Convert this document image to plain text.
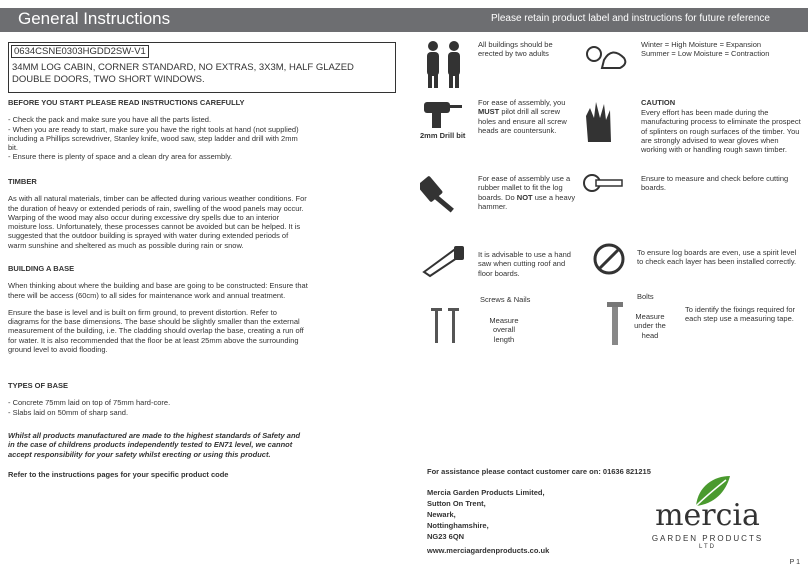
General Instructions	Please retain product label and instructions for future reference
0634CSNE0303HGDD2SW-V1
34MM LOG CABIN, CORNER STANDARD, NO EXTRAS, 3X3M, HALF GLAZED DOUBLE DOORS, TWO SHORT WINDOWS.

BEFORE YOU START PLEASE READ INSTRUCTIONS CAREFULLY

- Check the pack and make sure you have all the parts listed.

- When you are ready to start, make sure you have the right tools at hand (not supplied) including a Phillips screwdriver, Stanley knife, wood saw, step ladder and drill with 2mm bit.

- Ensure there is plenty of space and a clean dry area for assembly.

TIMBER

As with all natural materials, timber can be affected during various weather conditions. For the duration of heavy or extended periods of rain, swelling of the wood panels may occur. Warping of the wood may also occur during excessive dry spells due to an interior moisture loss. Unfortunately, these processes cannot be avoided but can be helped. It is suggested that the outdoor building is sprayed with water during extended periods of warm sunshine and sheltered as much as possible during rain or snow.

BUILDING A BASE

When thinking about where the building and base are going to be constructed: Ensure that there will be access (60cm) to all sides for maintenance work and annual treatment.

Ensure the base is level and is built on firm ground, to prevent distortion. Refer to diagrams for the base dimensions. The base should be slightly smaller than the external measurement of the building, i.e. The cladding should overlap the base, creating a run off for water. It is also recommended that the floor be at least 25mm above the surrounding ground level to avoid flooding.

TYPES OF BASE

- Concrete 75mm laid on top of 75mm hard-core.

- Slabs laid on 50mm of sharp sand.

Whilst all products manufactured are made to the highest standards of Safety and in the case of childrens products independently tested to EN71 level, we cannot accept responsibility for your safety whilst erecting or using this product.

Refer to the instructions pages for your specific product code

All buildings should be erected by two adults
2mm Drill bit
For ease of assembly, you MUST pilot drill all screw holes and ensure all screw heads are countersunk.
For ease of assembly use a rubber mallet to fit the log boards. Do NOT use a heavy hammer.
It is advisable to use a hand saw when cutting roof and floor boards.
Screws & Nails
Measure overall length
Winter = High Moisture = Expansion
Summer = Low Moisture = Contraction
CAUTION
Every effort has been made during the manufacturing process to eliminate the prospect of splinters on rough surfaces of the timber. You are strongly advised to wear gloves when working with or handling rough sawn timber.
Ensure to measure and check before cutting boards.
To ensure log boards are even, use a spirit level to check each layer has been installed correctly.
Bolts
Measure under the head
To identify the fixings required for each step use a measuring tape.
For assistance please contact customer care on: 01636 821215
Mercia Garden Products Limited,
Sutton On Trent,
Newark,
Nottinghamshire,
NG23 6QN
www.merciagardenproducts.co.uk
mercia
GARDEN PRODUCTS
LTD
P 1
